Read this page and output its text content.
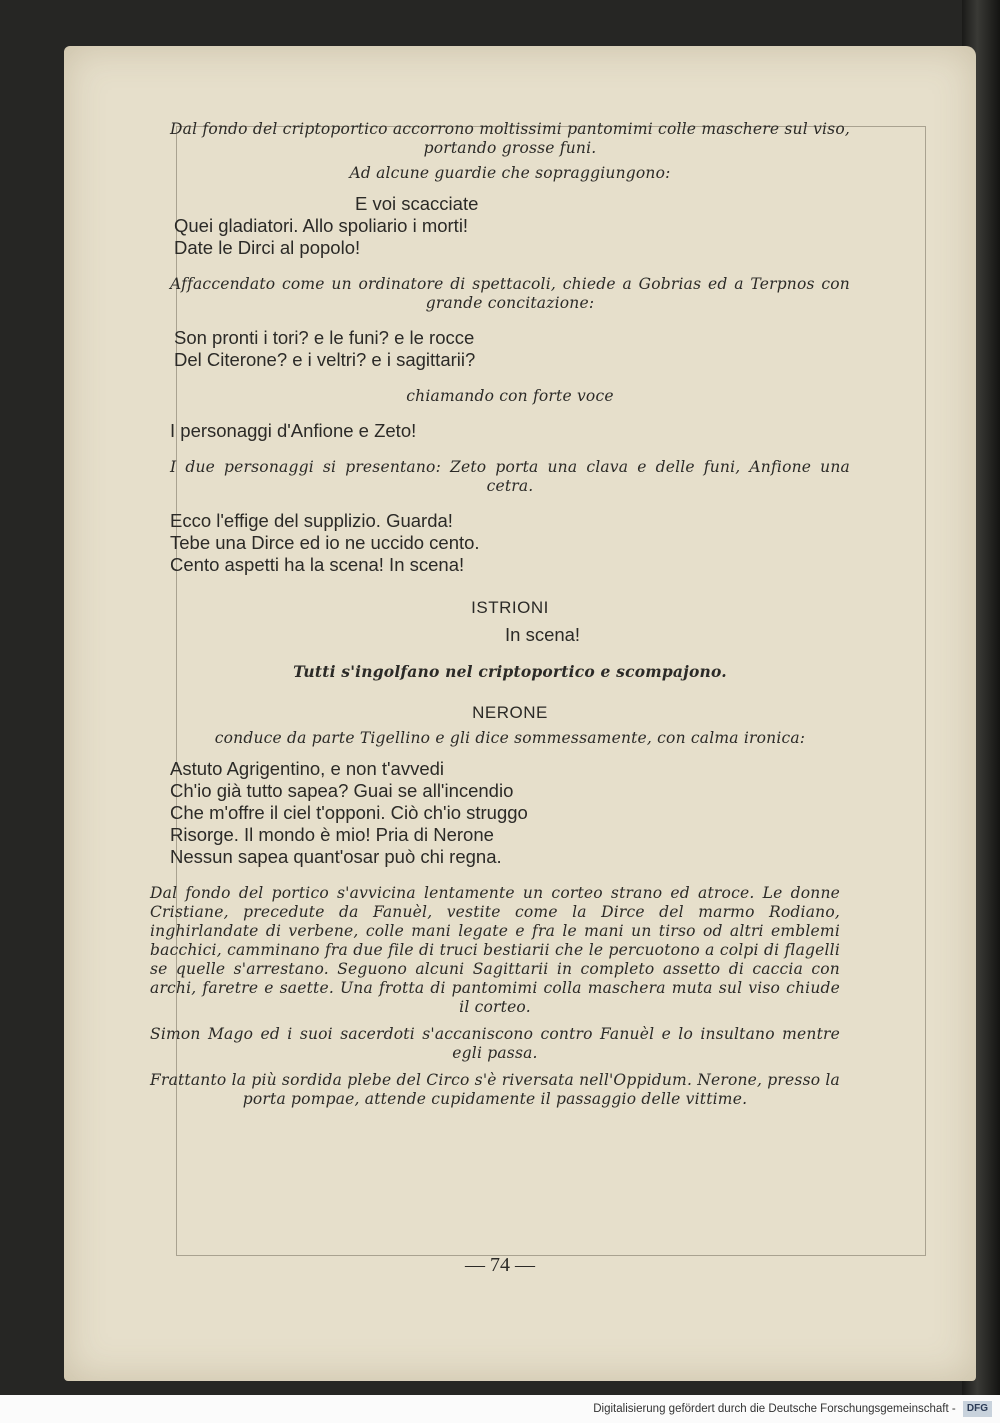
Dal fondo del criptoportico accorrono moltissimi pantomimi colle maschere sul viso, portando grosse funi.

Ad alcune guardie che sopraggiungono:

E voi scacciate

Quei gladiatori. Allo spoliario i morti!

Date le Dirci al popolo!

Affaccendato come un ordinatore di spettacoli, chiede a Gobrias ed a Terpnos con grande concitazione:

Son pronti i tori? e le funi? e le rocce

Del Citerone? e i veltri? e i sagittarii?

chiamando con forte voce

I personaggi d'Anfione e Zeto!

I due personaggi si presentano: Zeto porta una clava e delle funi, Anfione una cetra.

Ecco l'effige del supplizio. Guarda!

Tebe una Dirce ed io ne uccido cento.

Cento aspetti ha la scena! In scena!

ISTRIONI

In scena!

Tutti s'ingolfano nel criptoportico e scompajono.

NERONE

conduce da parte Tigellino e gli dice sommessamente, con calma ironica:

Astuto Agrigentino, e non t'avvedi

Ch'io già tutto sapea? Guai se all'incendio

Che m'offre il ciel t'opponi. Ciò ch'io struggo

Risorge. Il mondo è mio! Pria di Nerone

Nessun sapea quant'osar può chi regna.

Dal fondo del portico s'avvicina lentamente un corteo strano ed atroce. Le donne Cristiane, precedute da Fanuèl, vestite come la Dirce del marmo Rodiano, inghirlandate di verbene, colle mani legate e fra le mani un tirso od altri emblemi bacchici, camminano fra due file di truci bestiarii che le percuotono a colpi di flagelli se quelle s'arrestano. Seguono alcuni Sagittarii in completo assetto di caccia con archi, faretre e saette. Una frotta di pantomimi colla maschera muta sul viso chiude il corteo.

Simon Mago ed i suoi sacerdoti s'accaniscono contro Fanuèl e lo insultano mentre egli passa.

Frattanto la più sordida plebe del Circo s'è riversata nell'Oppidum. Nerone, presso la porta pompae, attende cupidamente il passaggio delle vittime.

— 74 —
Digitalisierung gefördert durch die Deutsche Forschungsgemeinschaft - DFG
